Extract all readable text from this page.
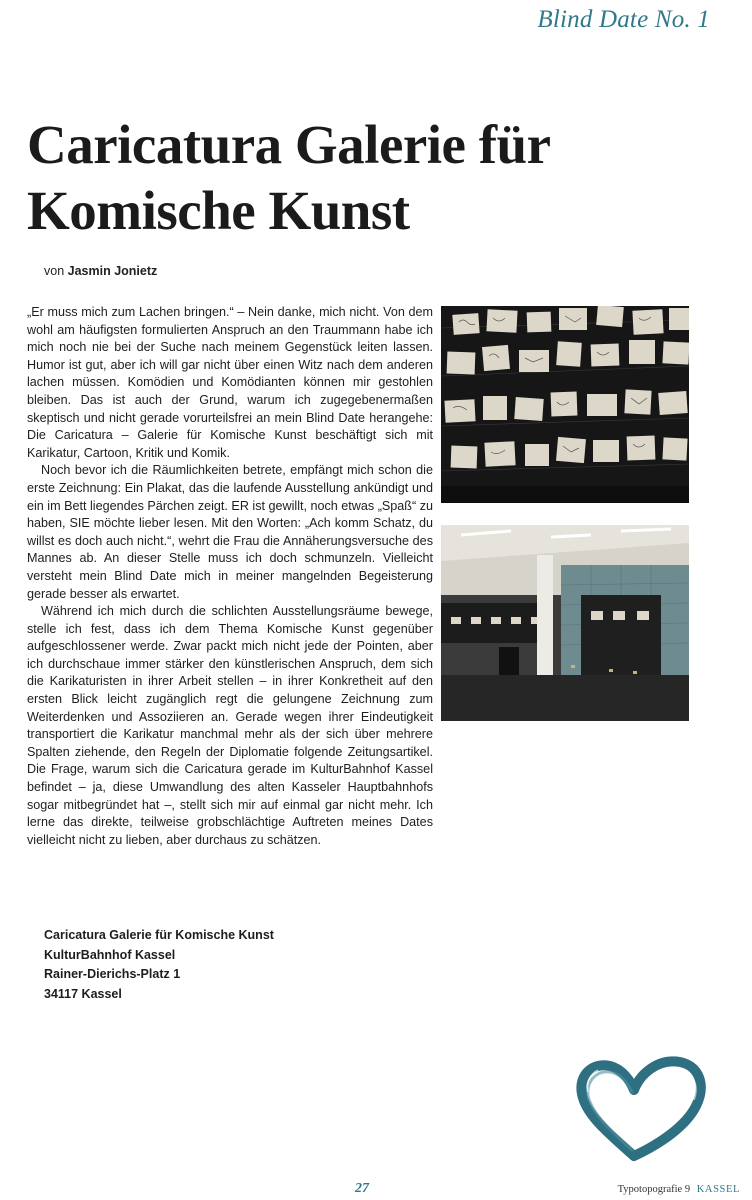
Blind Date No. 1
Caricatura Galerie für
Komische Kunst
von Jasmin Jonietz

„Er muss mich zum Lachen bringen.“ – Nein danke, mich nicht. Von dem wohl am häufigsten formulierten Anspruch an den Traummann habe ich mich noch nie bei der Suche nach meinem Gegenstück leiten lassen. Humor ist gut, aber ich will gar nicht über einen Witz nach dem anderen lachen müssen. Komödien und Komödianten können mir gestohlen bleiben. Das ist auch der Grund, warum ich zugegebenermaßen skeptisch und nicht gerade vorurteilsfrei an mein Blind Date herangehe: Die Caricatura – Galerie für Komische Kunst beschäftigt sich mit Karikatur, Cartoon, Kritik und Komik.

Noch bevor ich die Räumlichkeiten betrete, empfängt mich schon die erste Zeichnung: Ein Plakat, das die laufende Ausstellung ankündigt und ein im Bett liegendes Pärchen zeigt. ER ist gewillt, noch etwas „Spaß“ zu haben, SIE möchte lieber lesen. Mit den Worten: „Ach komm Schatz, du willst es doch auch nicht.“, wehrt die Frau die Annäherungsversuche des Mannes ab. An dieser Stelle muss ich doch schmunzeln. Vielleicht versteht mein Blind Date mich in meiner mangelnden Begeisterung gerade besser als erwartet.

Während ich mich durch die schlichten Ausstellungsräume bewege, stelle ich fest, dass ich dem Thema Komische Kunst gegenüber aufgeschlossener werde. Zwar packt mich nicht jede der Pointen, aber ich durchschaue immer stärker den künstlerischen Anspruch, dem sich die Karikaturisten in ihrer Arbeit stellen – in ihrer Konkretheit auf den ersten Blick leicht zugänglich regt die gelungene Zeichnung zum Weiterdenken und Assoziieren an. Gerade wegen ihrer Eindeutigkeit transportiert die Karikatur manchmal mehr als der sich über mehrere Spalten ziehende, den Regeln der Diplomatie folgende Zeitungsartikel. Die Frage, warum sich die Caricatura gerade im KulturBahnhof Kassel befindet – ja, diese Umwandlung des alten Kasseler Hauptbahnhofs sogar mitbegründet hat –, stellt sich mir auf einmal gar nicht mehr. Ich lerne das direkte, teilweise grobschlächtige Auftreten meines Dates vielleicht nicht zu lieben, aber durchaus zu schätzen.

Caricatura Galerie für Komische Kunst
KulturBahnhof Kassel
Rainer-Dierichs-Platz 1
34117 Kassel
27	Typotopografie 9 KASSEL
